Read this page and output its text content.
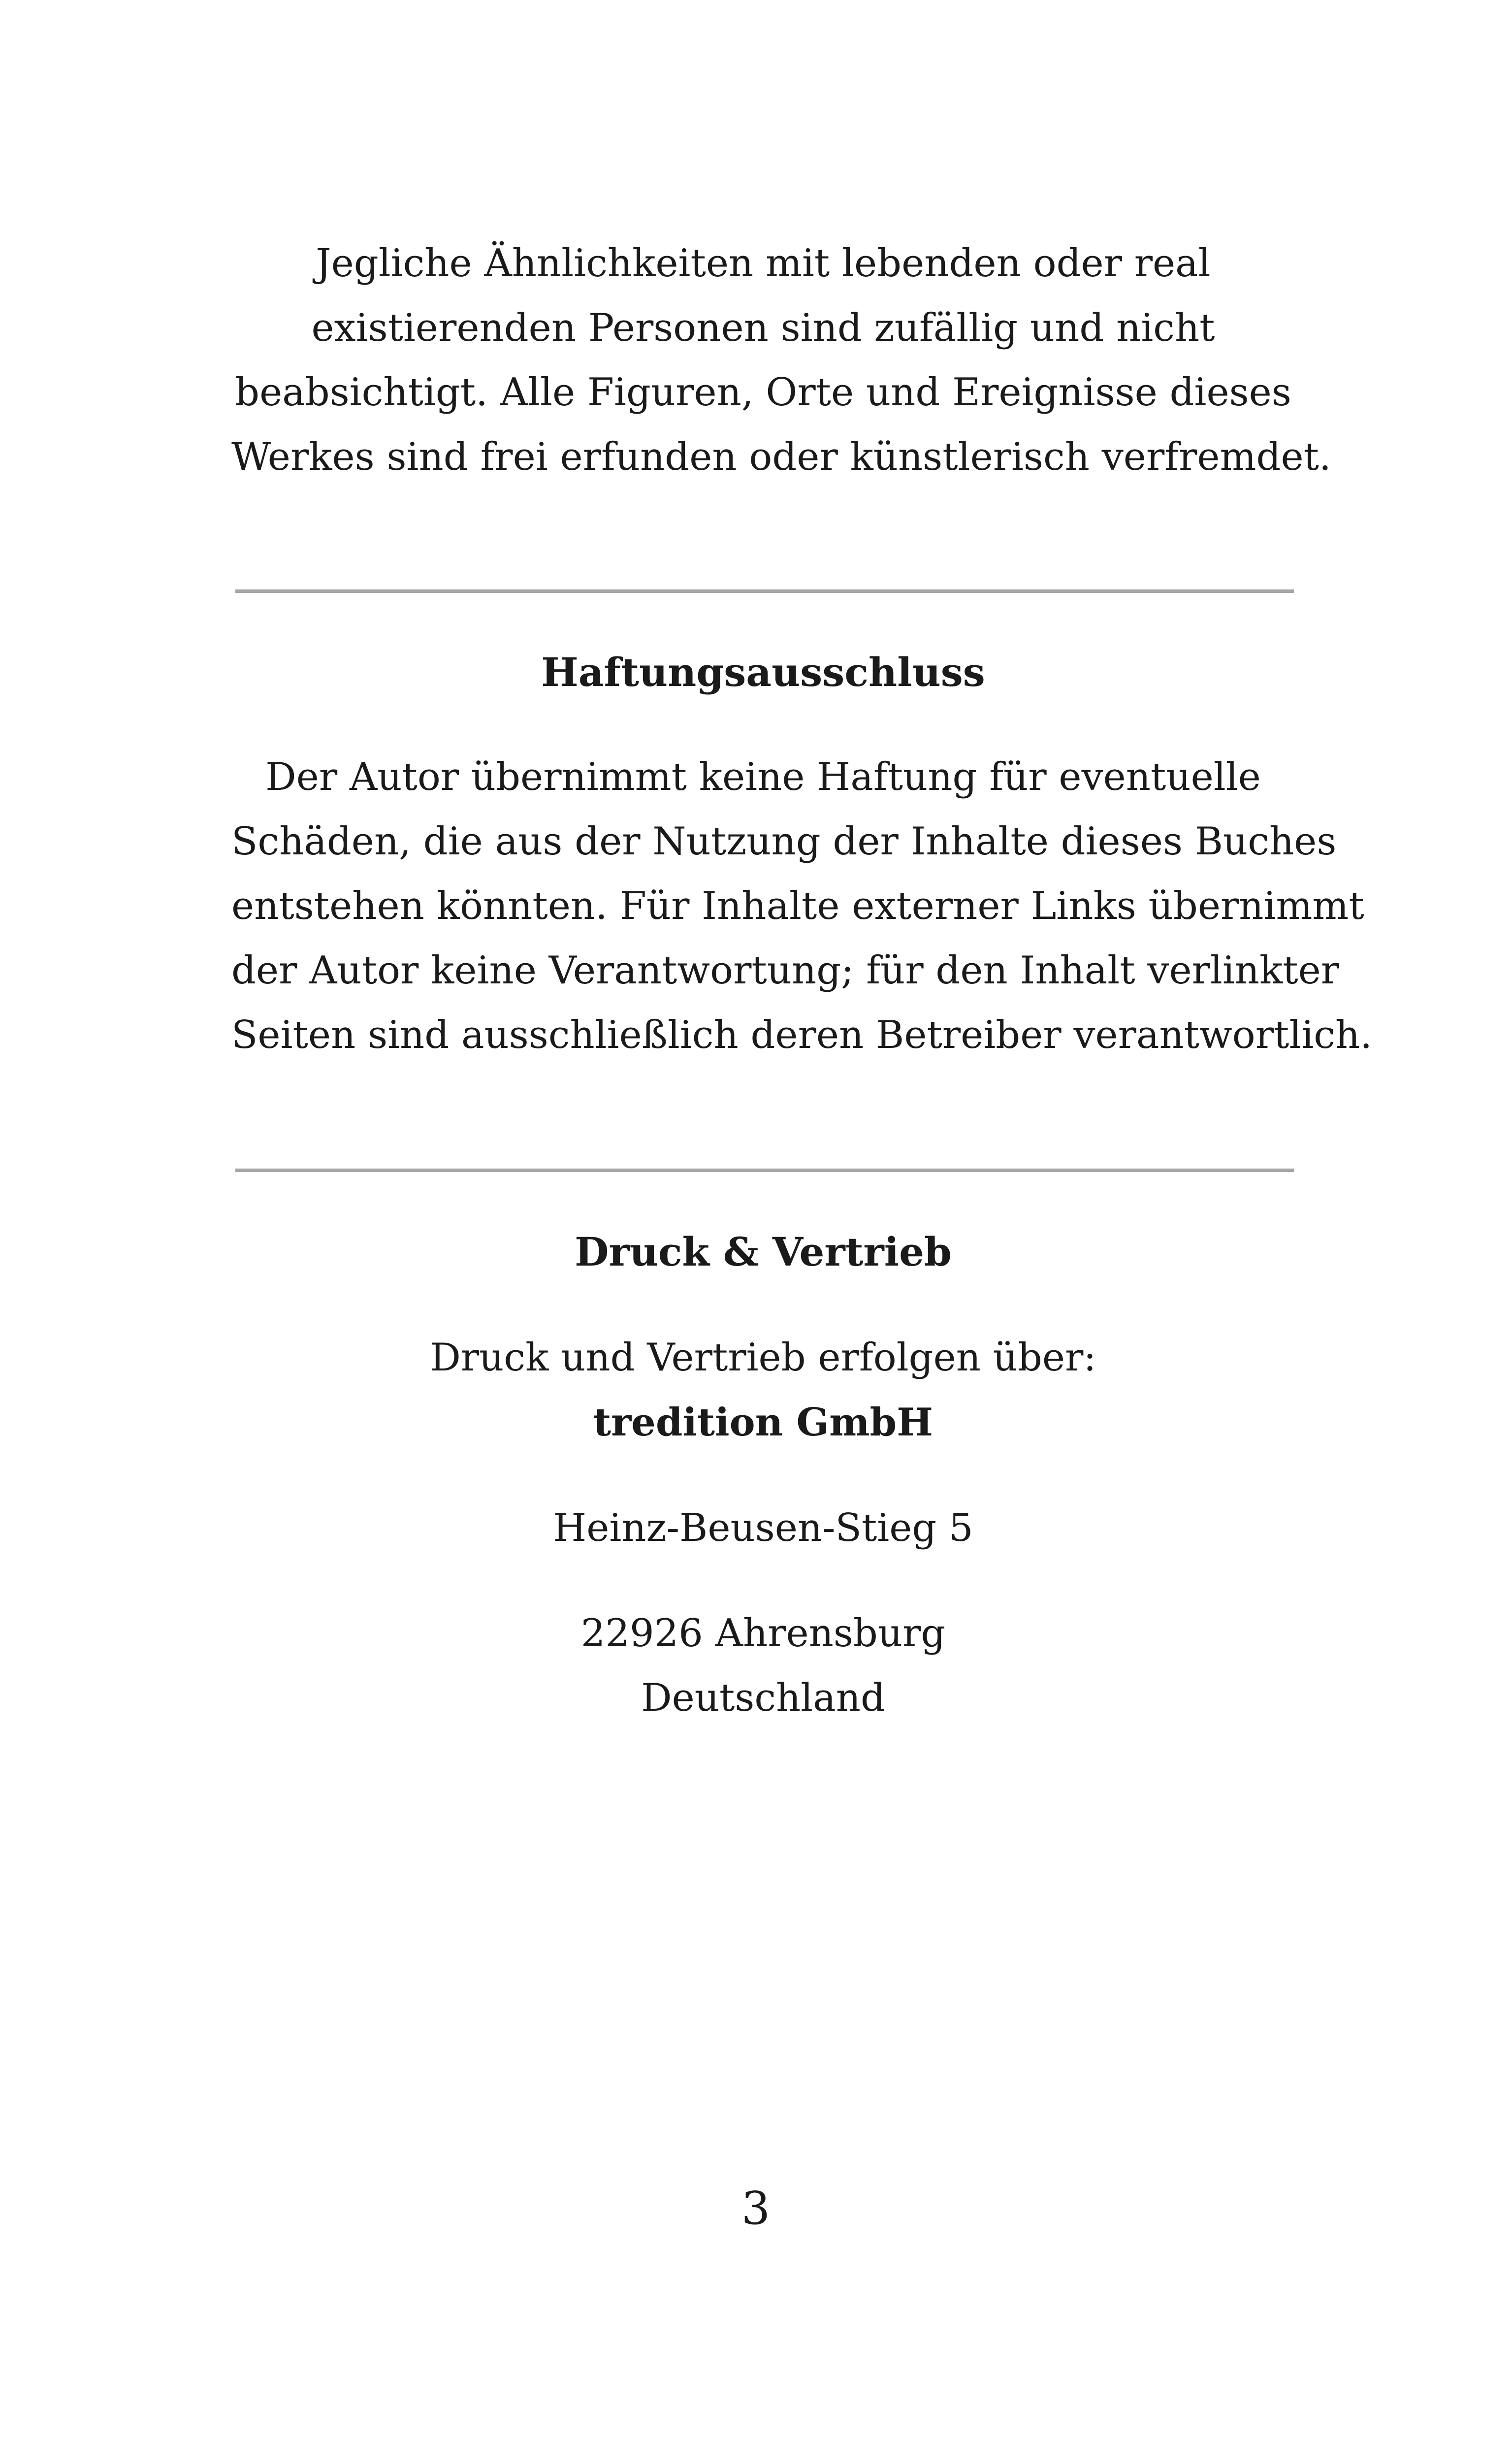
Jegliche Ähnlichkeiten mit lebenden oder real
existierenden Personen sind zufällig und nicht
beabsichtigt. Alle Figuren, Orte und Ereignisse dieses
Werkes sind frei erfunden oder künstlerisch verfremdet.

Haftungsausschluss

Der Autor übernimmt keine Haftung für eventuelle
Schäden, die aus der Nutzung der Inhalte dieses Buches
entstehen könnten. Für Inhalte externer Links übernimmt
der Autor keine Verantwortung; für den Inhalt verlinkter
Seiten sind ausschließlich deren Betreiber verantwortlich.

Druck & Vertrieb

Druck und Vertrieb erfolgen über:

tredition GmbH

Heinz-Beusen-Stieg 5

22926 Ahrensburg

Deutschland

3
